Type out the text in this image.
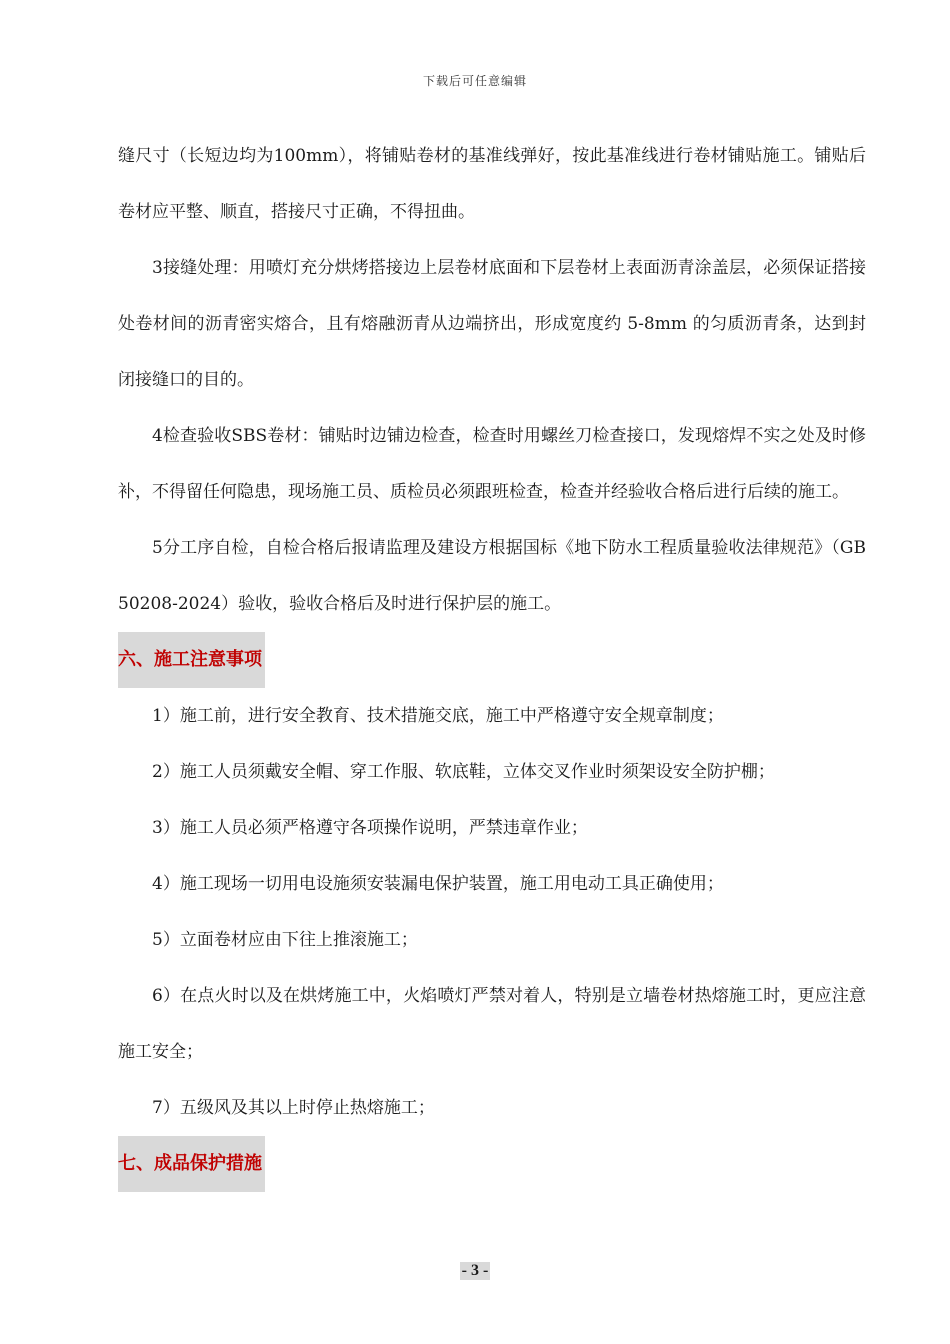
下载后可任意编辑

缝尺寸（长短边均为100mm），将铺贴卷材的基准线弹好，按此基准线进行卷材铺贴施工。铺贴后卷材应平整、顺直，搭接尺寸正确，不得扭曲。

3接缝处理：用喷灯充分烘烤搭接边上层卷材底面和下层卷材上表面沥青涂盖层，必须保证搭接处卷材间的沥青密实熔合，且有熔融沥青从边端挤出，形成宽度约 5-8mm 的匀质沥青条，达到封闭接缝口的目的。

4检查验收SBS卷材：铺贴时边铺边检查，检查时用螺丝刀检查接口，发现熔焊不实之处及时修补，不得留任何隐患，现场施工员、质检员必须跟班检查，检查并经验收合格后进行后续的施工。

5分工序自检，自检合格后报请监理及建设方根据国标《地下防水工程质量验收法律规范》（GB 50208-2024）验收，验收合格后及时进行保护层的施工。

六、施工注意事项

1）施工前，进行安全教育、技术措施交底，施工中严格遵守安全规章制度；

2）施工人员须戴安全帽、穿工作服、软底鞋，立体交叉作业时须架设安全防护棚；

3）施工人员必须严格遵守各项操作说明，严禁违章作业；

4）施工现场一切用电设施须安装漏电保护装置，施工用电动工具正确使用；

5）立面卷材应由下往上推滚施工；

6）在点火时以及在烘烤施工中，火焰喷灯严禁对着人，特别是立墙卷材热熔施工时，更应注意施工安全；

7）五级风及其以上时停止热熔施工；

七、成品保护措施
- 3 -
